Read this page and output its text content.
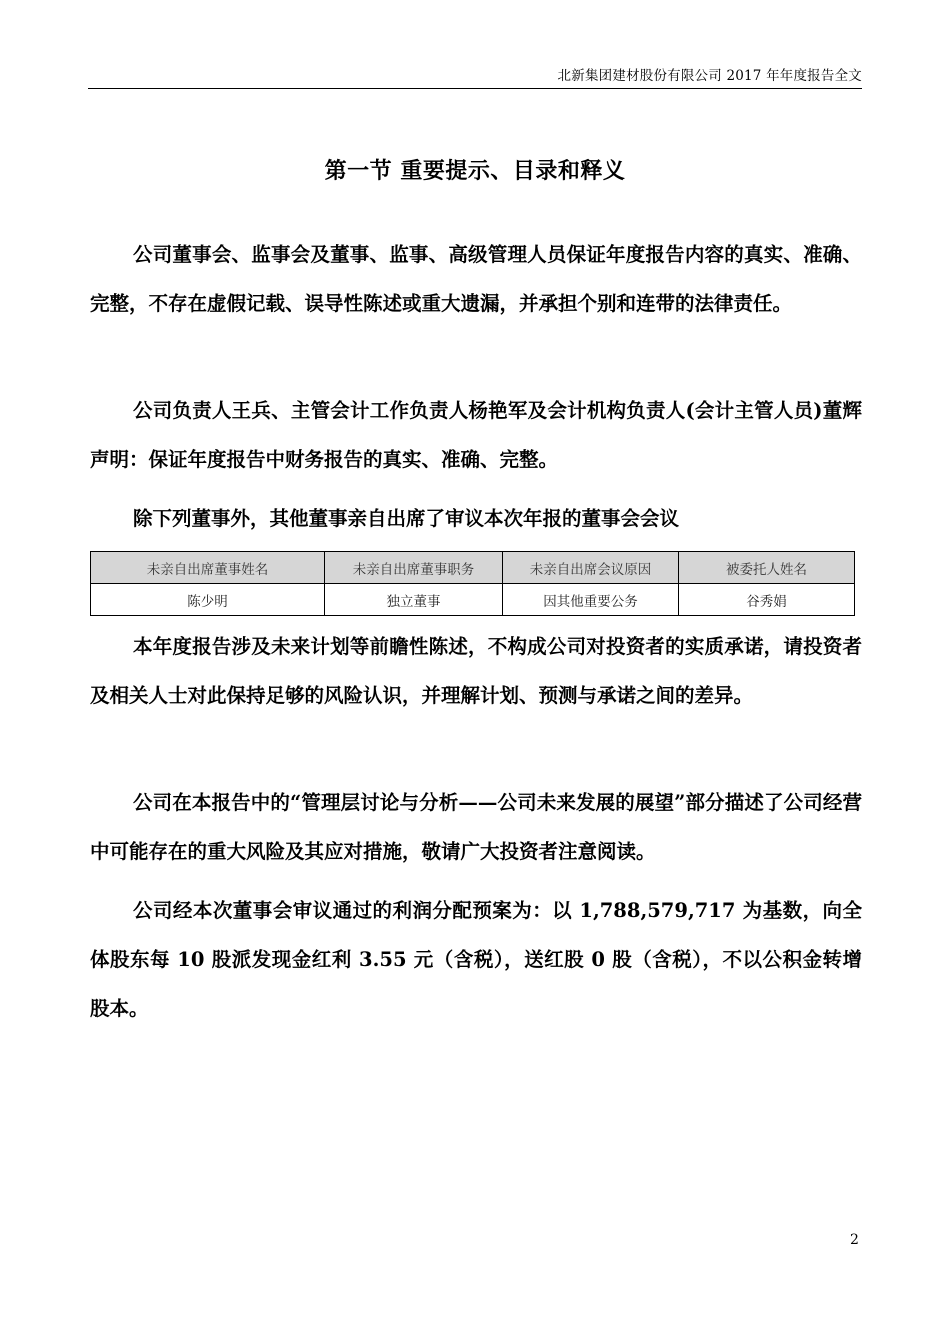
北新集团建材股份有限公司 2017 年年度报告全文
第一节 重要提示、目录和释义

公司董事会、监事会及董事、监事、高级管理人员保证年度报告内容的真实、准确、完整，不存在虚假记载、误导性陈述或重大遗漏，并承担个别和连带的法律责任。

公司负责人王兵、主管会计工作负责人杨艳军及会计机构负责人(会计主管人员)董辉声明：保证年度报告中财务报告的真实、准确、完整。

除下列董事外，其他董事亲自出席了审议本次年报的董事会会议

未亲自出席董事姓名	未亲自出席董事职务	未亲自出席会议原因	被委托人姓名
陈少明	独立董事	因其他重要公务	谷秀娟

本年度报告涉及未来计划等前瞻性陈述，不构成公司对投资者的实质承诺，请投资者及相关人士对此保持足够的风险认识，并理解计划、预测与承诺之间的差异。

公司在本报告中的“管理层讨论与分析——公司未来发展的展望”部分描述了公司经营中可能存在的重大风险及其应对措施，敬请广大投资者注意阅读。

公司经本次董事会审议通过的利润分配预案为：以 1,788,579,717 为基数，向全体股东每 10 股派发现金红利 3.55 元（含税），送红股 0 股（含税），不以公积金转增股本。

2
